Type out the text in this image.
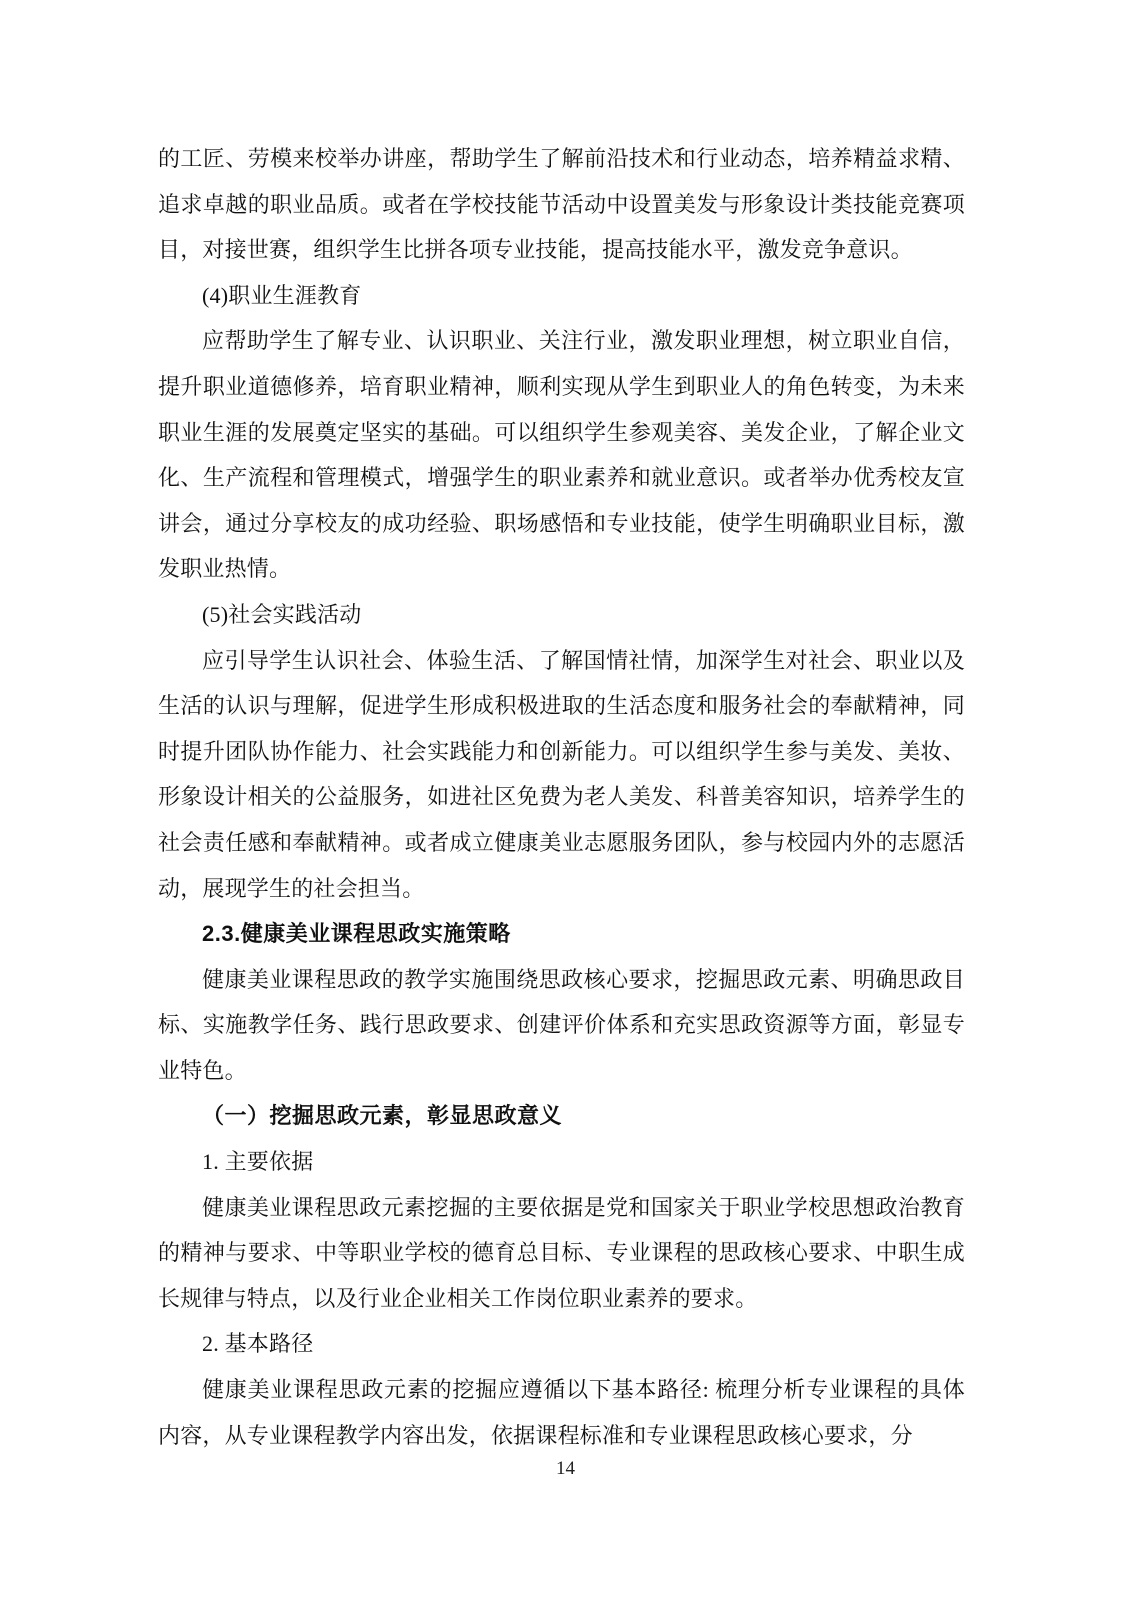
的工匠、劳模来校举办讲座，帮助学生了解前沿技术和行业动态，培养精益求精、追求卓越的职业品质。或者在学校技能节活动中设置美发与形象设计类技能竞赛项目，对接世赛，组织学生比拼各项专业技能，提高技能水平，激发竞争意识。

(4)职业生涯教育

应帮助学生了解专业、认识职业、关注行业，激发职业理想，树立职业自信，提升职业道德修养，培育职业精神，顺利实现从学生到职业人的角色转变，为未来职业生涯的发展奠定坚实的基础。可以组织学生参观美容、美发企业，了解企业文化、生产流程和管理模式，增强学生的职业素养和就业意识。或者举办优秀校友宣讲会，通过分享校友的成功经验、职场感悟和专业技能，使学生明确职业目标，激发职业热情。

(5)社会实践活动

应引导学生认识社会、体验生活、了解国情社情，加深学生对社会、职业以及生活的认识与理解，促进学生形成积极进取的生活态度和服务社会的奉献精神，同时提升团队协作能力、社会实践能力和创新能力。可以组织学生参与美发、美妆、形象设计相关的公益服务，如进社区免费为老人美发、科普美容知识，培养学生的社会责任感和奉献精神。或者成立健康美业志愿服务团队，参与校园内外的志愿活动，展现学生的社会担当。

2.3.健康美业课程思政实施策略

健康美业课程思政的教学实施围绕思政核心要求，挖掘思政元素、明确思政目标、实施教学任务、践行思政要求、创建评价体系和充实思政资源等方面，彰显专业特色。

（一）挖掘思政元素，彰显思政意义

1. 主要依据

健康美业课程思政元素挖掘的主要依据是党和国家关于职业学校思想政治教育的精神与要求、中等职业学校的德育总目标、专业课程的思政核心要求、中职生成长规律与特点，以及行业企业相关工作岗位职业素养的要求。

2. 基本路径

健康美业课程思政元素的挖掘应遵循以下基本路径: 梳理分析专业课程的具体内容，从专业课程教学内容出发，依据课程标准和专业课程思政核心要求，分

14
